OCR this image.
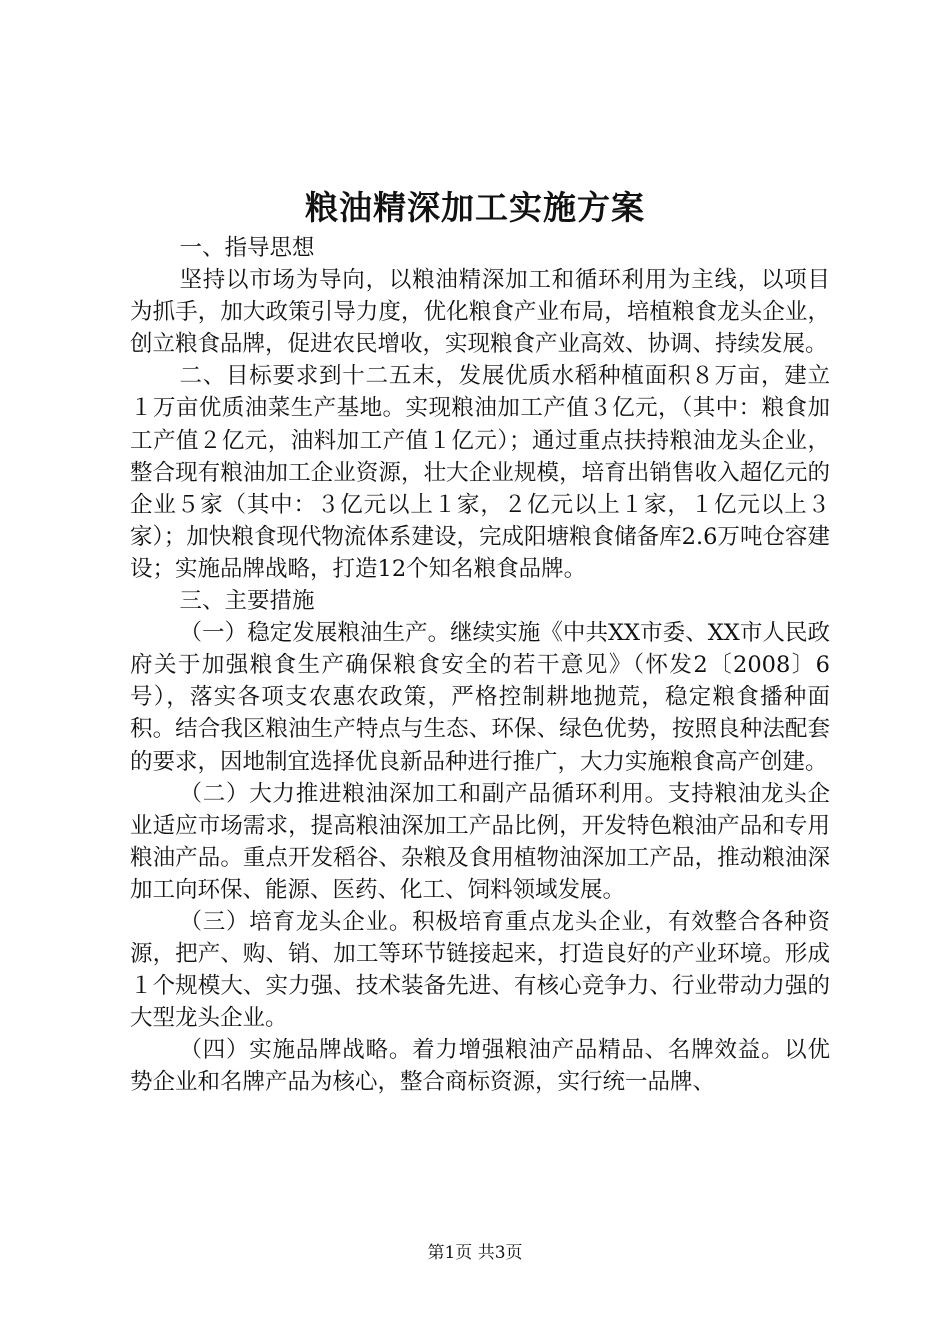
粮油精深加工实施方案

一、指导思想

坚持以市场为导向，以粮油精深加工和循环利用为主线，以项目为抓手，加大政策引导力度，优化粮食产业布局，培植粮食龙头企业，创立粮食品牌，促进农民增收，实现粮食产业高效、协调、持续发展。

二、目标要求到十二五末，发展优质水稻种植面积８万亩，建立１万亩优质油菜生产基地。实现粮油加工产值３亿元，（其中：粮食加工产值２亿元，油料加工产值１亿元）；通过重点扶持粮油龙头企业，整合现有粮油加工企业资源，壮大企业规模，培育出销售收入超亿元的企业５家（其中：３亿元以上１家，２亿元以上１家，１亿元以上３家）；加快粮食现代物流体系建设，完成阳塘粮食储备库2.6万吨仓容建设；实施品牌战略，打造12个知名粮食品牌。

三、主要措施

（一）稳定发展粮油生产。继续实施《中共XX市委、XX市人民政府关于加强粮食生产确保粮食安全的若干意见》（怀发2〔2008〕6号），落实各项支农惠农政策，严格控制耕地抛荒，稳定粮食播种面积。结合我区粮油生产特点与生态、环保、绿色优势，按照良种法配套的要求，因地制宜选择优良新品种进行推广，大力实施粮食高产创建。

（二）大力推进粮油深加工和副产品循环利用。支持粮油龙头企业适应市场需求，提高粮油深加工产品比例，开发特色粮油产品和专用粮油产品。重点开发稻谷、杂粮及食用植物油深加工产品，推动粮油深加工向环保、能源、医药、化工、饲料领域发展。

（三）培育龙头企业。积极培育重点龙头企业，有效整合各种资源，把产、购、销、加工等环节链接起来，打造良好的产业环境。形成１个规模大、实力强、技术装备先进、有核心竞争力、行业带动力强的大型龙头企业。

（四）实施品牌战略。着力增强粮油产品精品、名牌效益。以优势企业和名牌产品为核心，整合商标资源，实行统一品牌、

第1页 共3页
